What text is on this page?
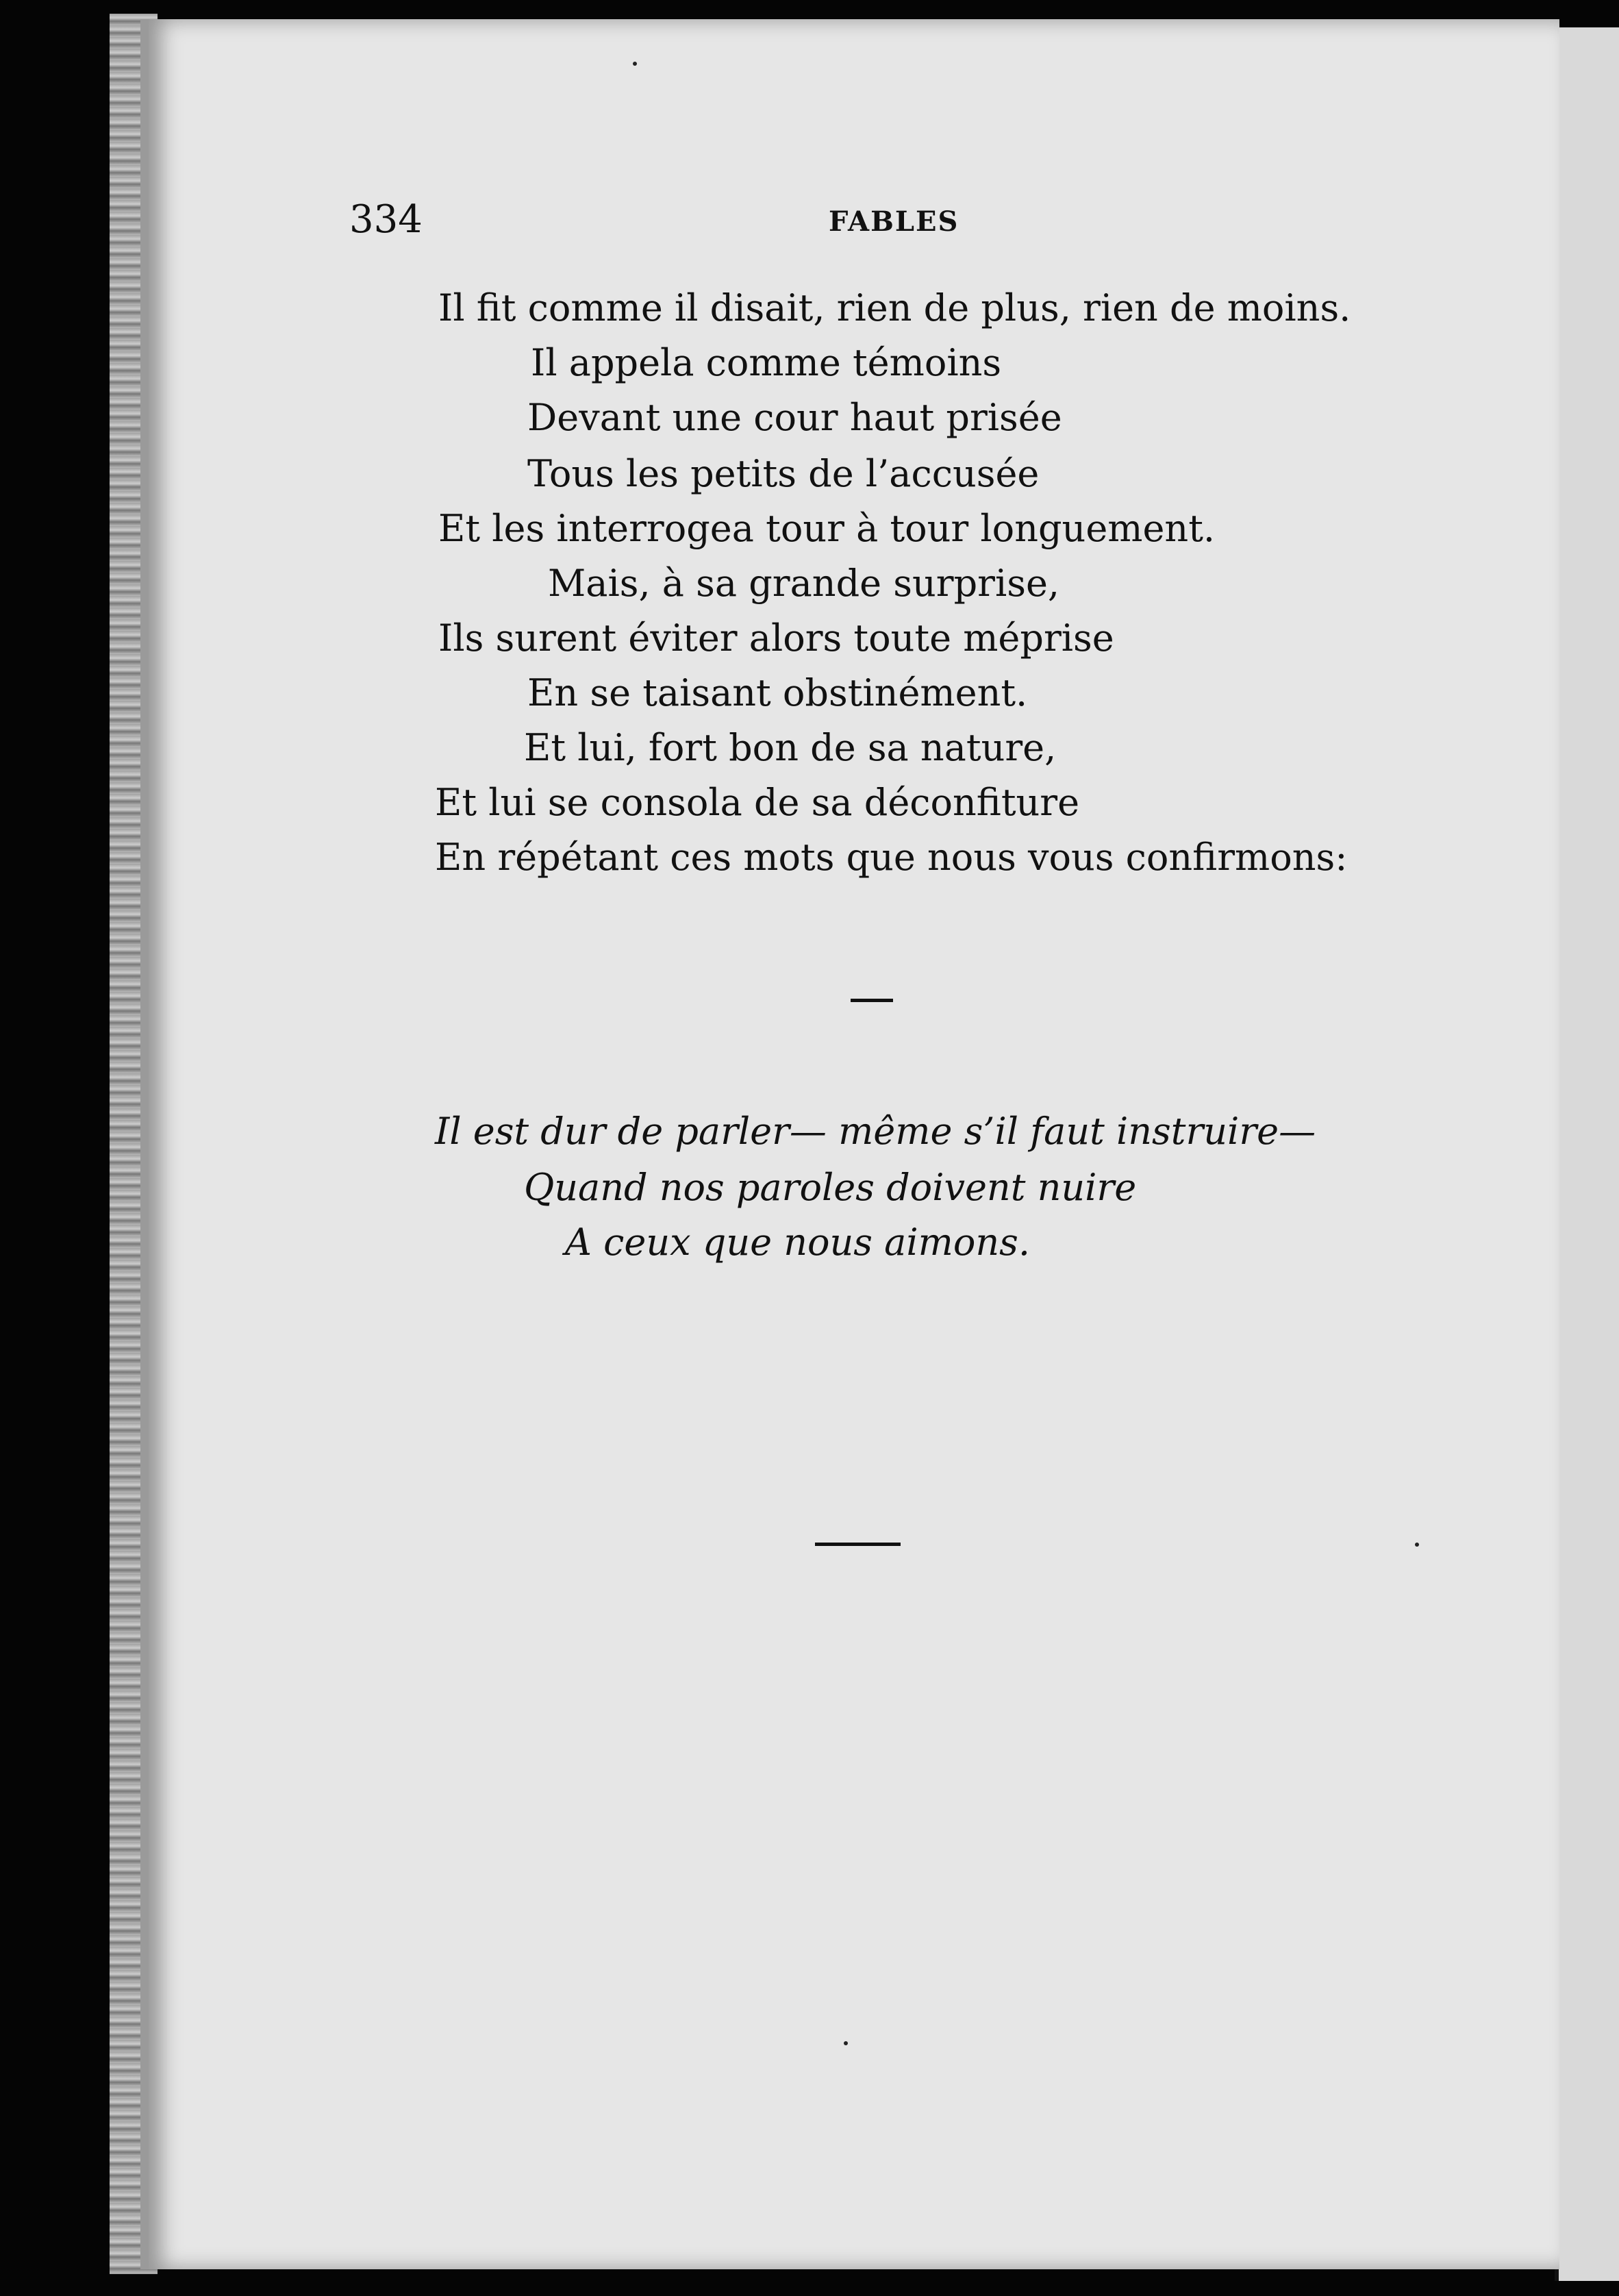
334	FABLES
Il fit comme il disait, rien de plus, rien de moins.
Il appela comme témoins
Devant une cour haut prisée
Tous les petits de l’accusée
Et les interrogea tour à tour longuement.
Mais, à sa grande surprise,
Ils surent éviter alors toute méprise
En se taisant obstinément.
Et lui, fort bon de sa nature,
Et lui se consola de sa déconfiture
En répétant ces mots que nous vous confirmons:
Il est dur de parler— même s’il faut instruire—
Quand nos paroles doivent nuire
A ceux que nous aimons.
